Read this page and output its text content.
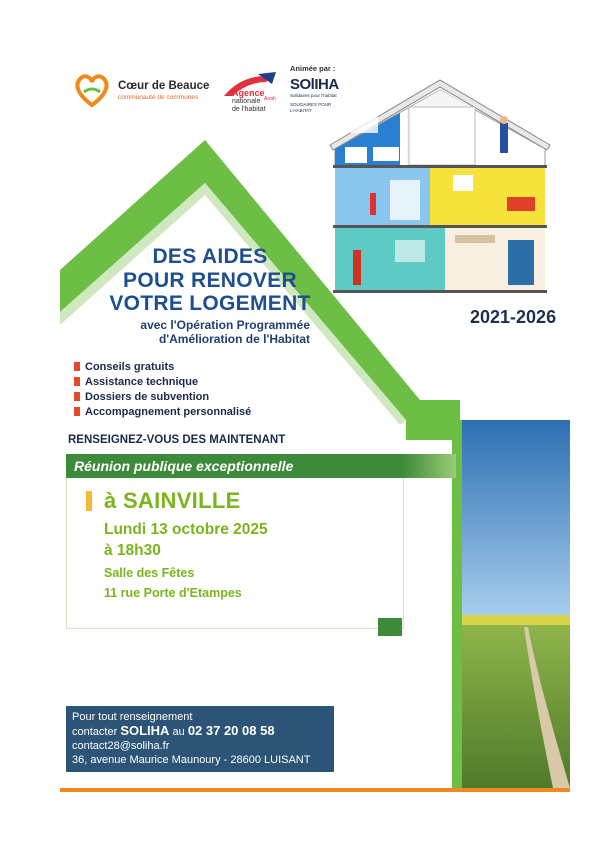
Cœur de Beauce
communauté de communes	Agence
nationale
de l'habitat
Anah
Animée par :
SOlIHA
Solidaires pour l'habitat
SOLIDAIRES POUR
L'HABITAT
DES AIDES
POUR RENOVER
VOTRE LOGEMENT
avec l'Opération Programmée
d'Amélioration de l'Habitat
2021-2026
Conseils gratuits
Assistance technique
Dossiers de subvention
Accompagnement personnalisé
RENSEIGNEZ-VOUS DES MAINTENANT
Réunion publique exceptionnelle
à SAINVILLE
Lundi 13 octobre 2025
à 18h30
Salle des Fêtes
11 rue Porte d'Etampes
Pour tout renseignement
contacter SOLIHA au 02 37 20 08 58
contact28@soliha.fr
36, avenue Maurice Maunoury - 28600 LUISANT
